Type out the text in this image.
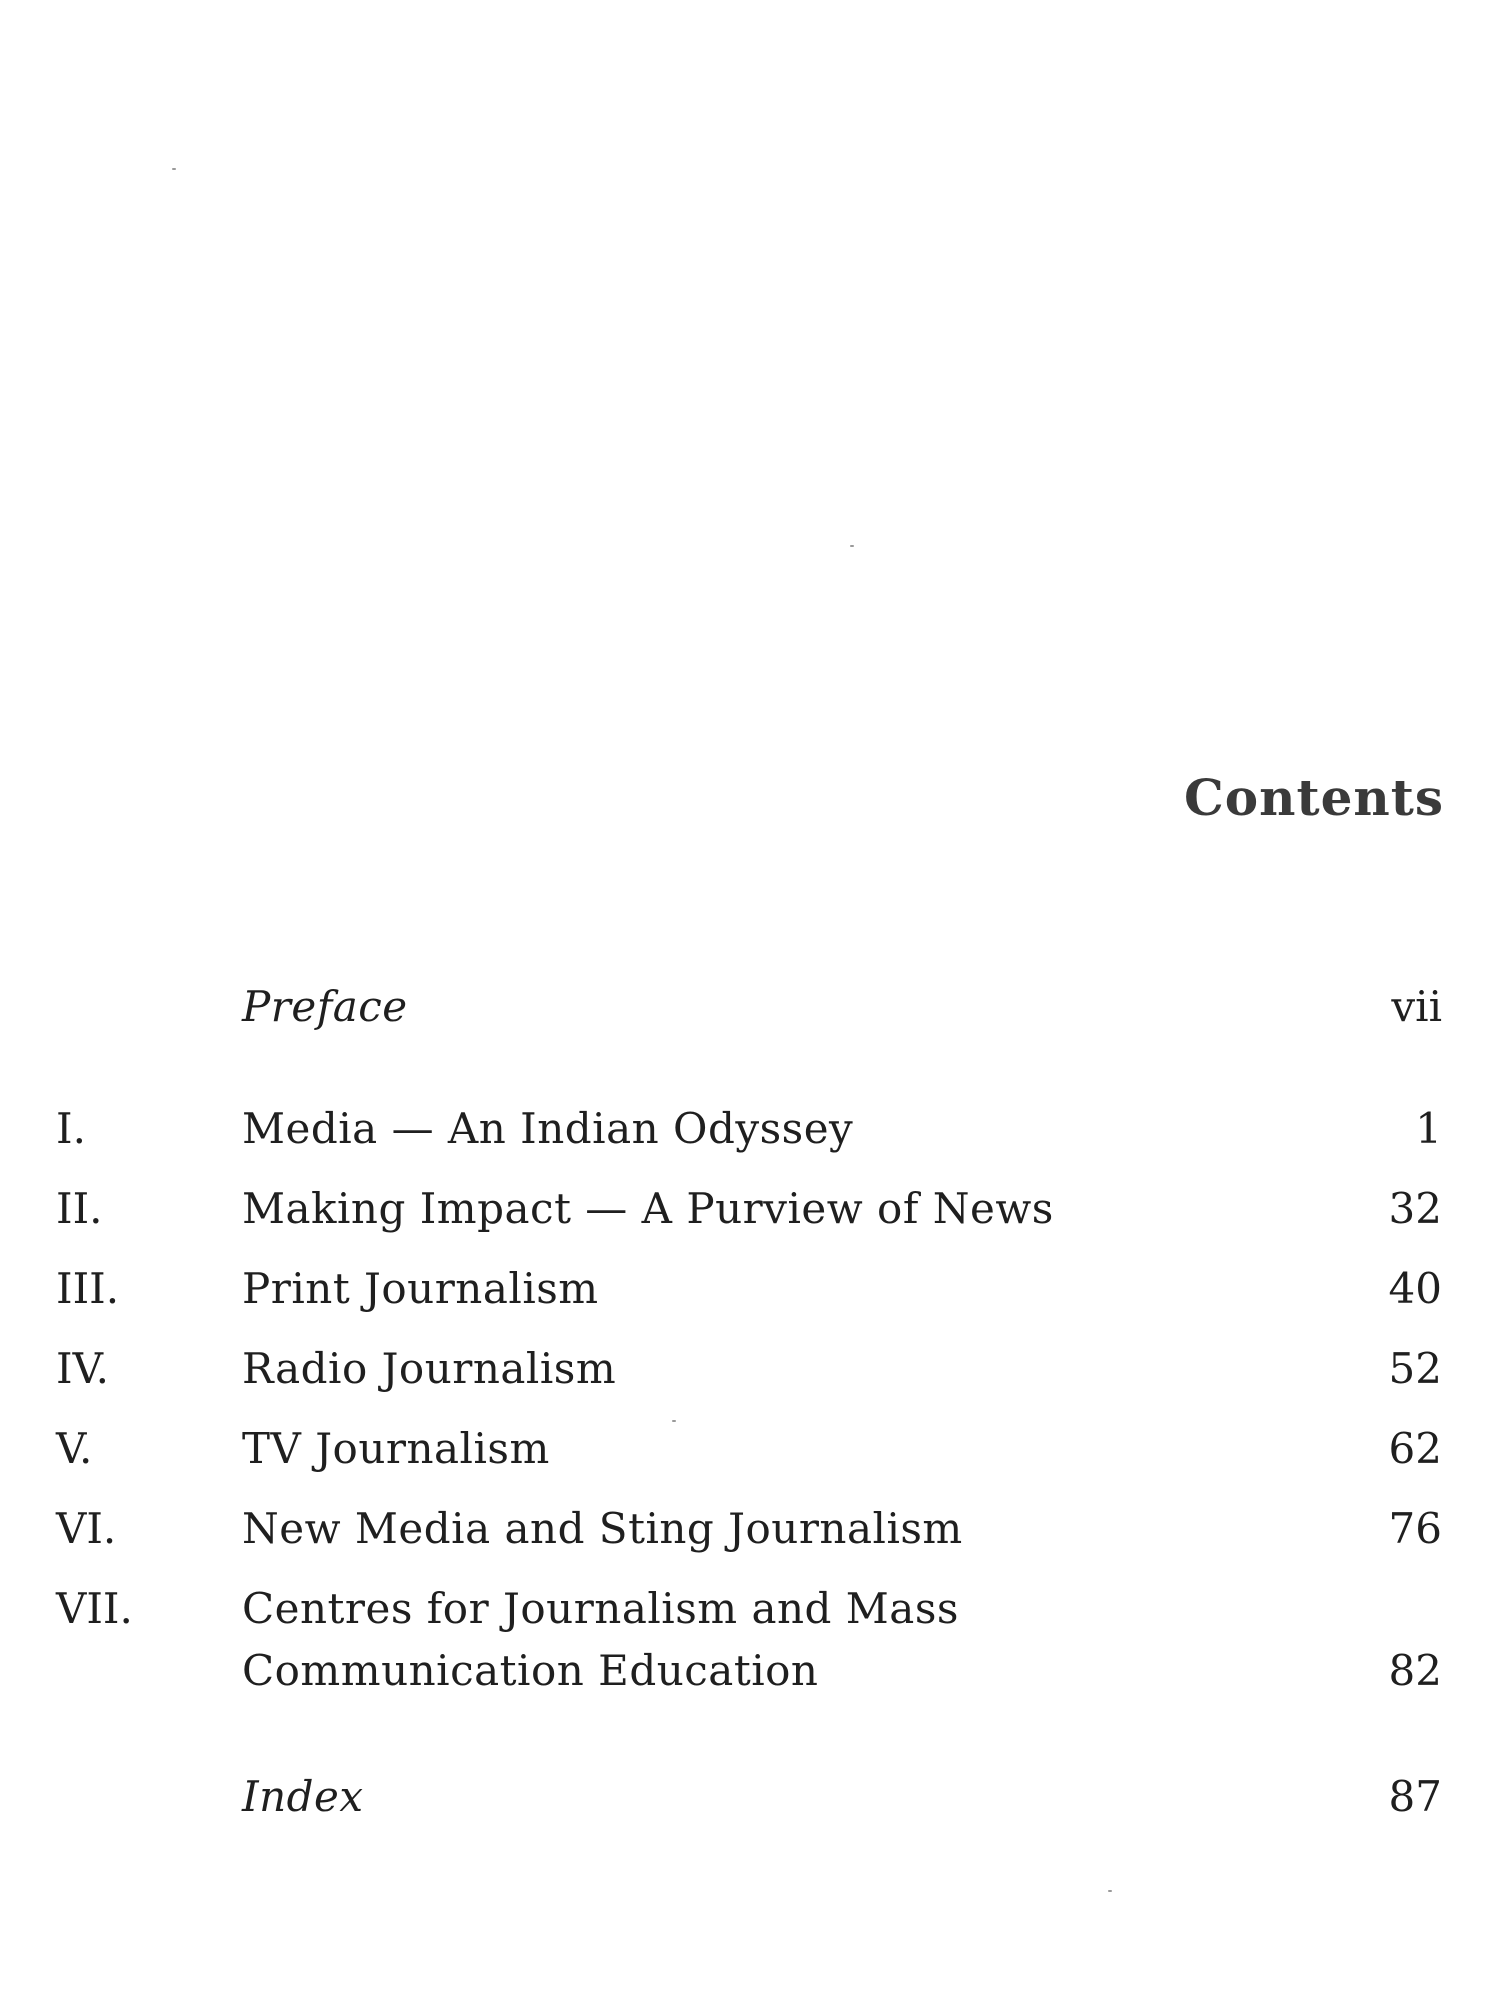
Contents
Preface	vii
I.	Media — An Indian Odyssey	1
II.	Making Impact — A Purview of News	32
III.	Print Journalism	40
IV.	Radio Journalism	52
V.	TV Journalism	62
VI.	New Media and Sting Journalism	76
VII.	Centres for Journalism and Mass
Communication Education	82
Index	87
